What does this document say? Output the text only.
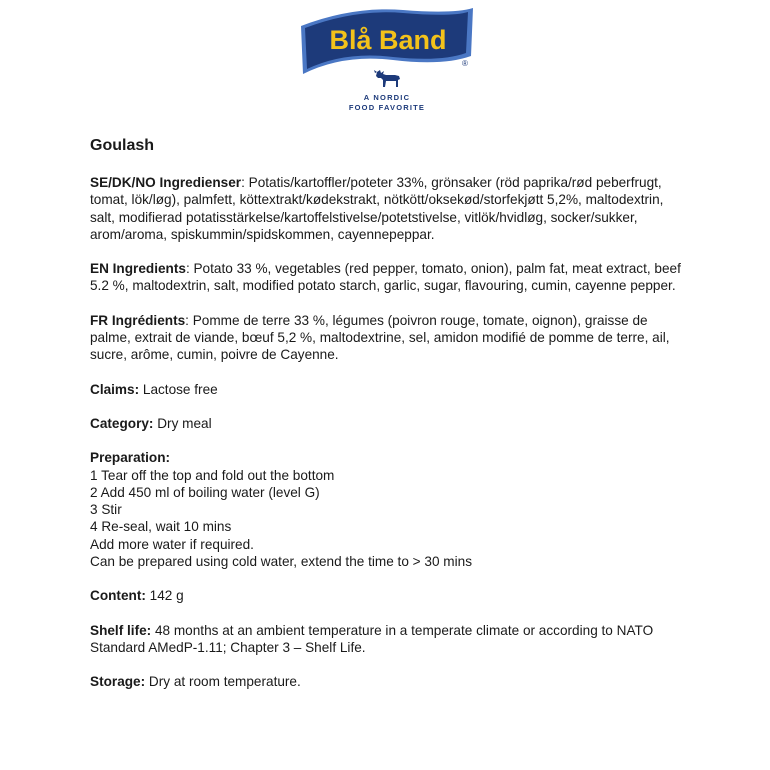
Blå Band
®
A NORDIC
FOOD FAVORITE
Goulash
SE/DK/NO Ingredienser: Potatis/kartoffler/poteter 33%, grönsaker (röd paprika/rød peberfrugt, tomat, lök/løg), palmfett, köttextrakt/kødekstrakt, nötkött/oksekød/storfekjøtt 5,2%, maltodextrin, salt, modifierad potatisstärkelse/kartoffelstivelse/potetstivelse, vitlök/hvidløg, socker/sukker, arom/aroma, spiskummin/spidskommen, cayennepeppar.
EN Ingredients: Potato 33 %, vegetables (red pepper, tomato, onion), palm fat, meat extract, beef 5.2 %, maltodextrin, salt, modified potato starch, garlic, sugar, flavouring, cumin, cayenne pepper.
FR Ingrédients: Pomme de terre 33 %, légumes (poivron rouge, tomate, oignon), graisse de palme, extrait de viande, bœuf 5,2 %, maltodextrine, sel, amidon modifié de pomme de terre, ail, sucre, arôme, cumin, poivre de Cayenne.
Claims: Lactose free
Category: Dry meal
Preparation:
1 Tear off the top and fold out the bottom
2 Add 450 ml of boiling water (level G)
3 Stir
4 Re-seal, wait 10 mins
Add more water if required.
Can be prepared using cold water, extend the time to > 30 mins
Content: 142 g
Shelf life: 48 months at an ambient temperature in a temperate climate or according to NATO Standard AMedP-1.11; Chapter 3 – Shelf Life.
Storage: Dry at room temperature.
